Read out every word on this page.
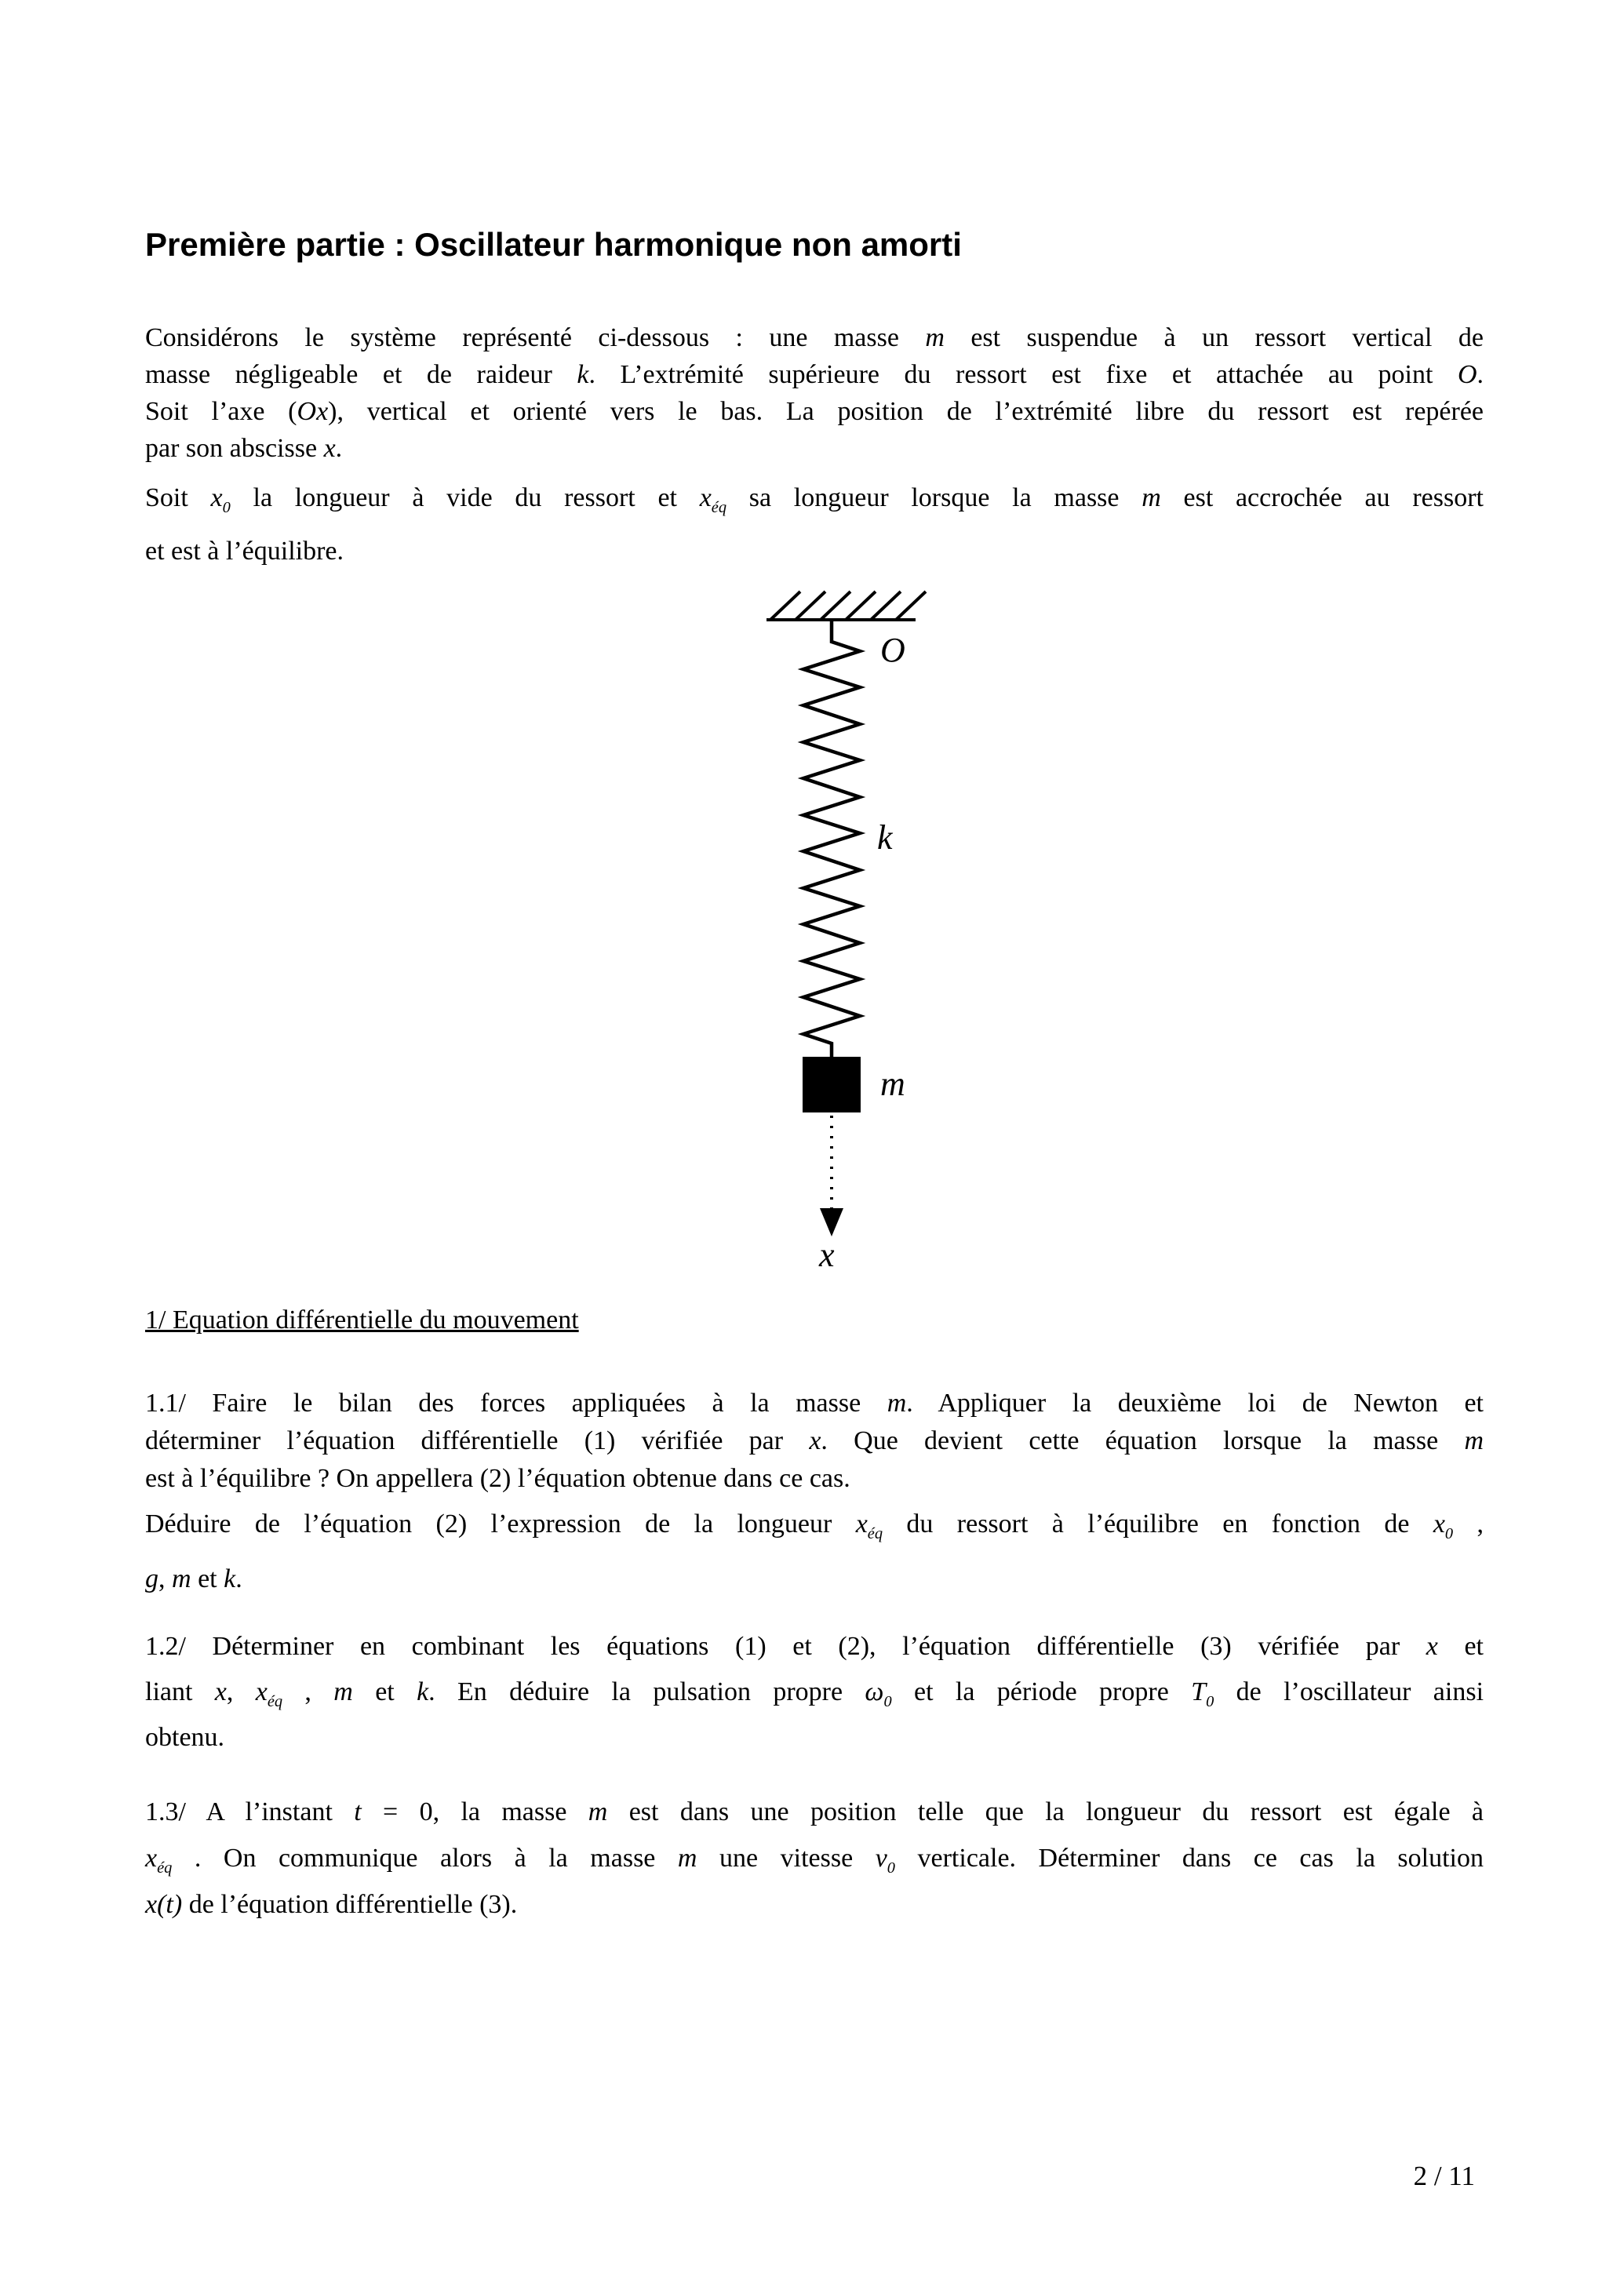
Première partie : Oscillateur harmonique non amorti
Considérons le système représenté ci-dessous : une masse m est suspendue à un ressort vertical de
masse négligeable et de raideur k. L’extrémité supérieure du ressort est fixe et attachée au point O.
Soit l’axe (Ox), vertical et orienté vers le bas. La position de l’extrémité libre du ressort est repérée
par son abscisse x.
Soit $x_0$ la longueur à vide du ressort et $x_{éq}$ sa longueur lorsque la masse m est accrochée au ressort
et est à l’équilibre.
O
k
m
x
1/ Equation différentielle du mouvement
1.1/ Faire le bilan des forces appliquées à la masse m. Appliquer la deuxième loi de Newton et
déterminer l’équation différentielle (1) vérifiée par x. Que devient cette équation lorsque la masse m
est à l’équilibre ? On appellera (2) l’équation obtenue dans ce cas.
Déduire de l’équation (2) l’expression de la longueur $x_{éq}$ du ressort à l’équilibre en fonction de $x_0$ ,
g, m et k.
1.2/ Déterminer en combinant les équations (1) et (2), l’équation différentielle (3) vérifiée par x et
liant x, $x_{éq}$ , m et k. En déduire la pulsation propre $\omega_0$ et la période propre $T_0$ de l’oscillateur ainsi
obtenu.
1.3/ A l’instant t = 0, la masse m est dans une position telle que la longueur du ressort est égale à
$x_{éq}$ . On communique alors à la masse m une vitesse $v_0$ verticale. Déterminer dans ce cas la solution
x(t) de l’équation différentielle (3).
2 / 11
